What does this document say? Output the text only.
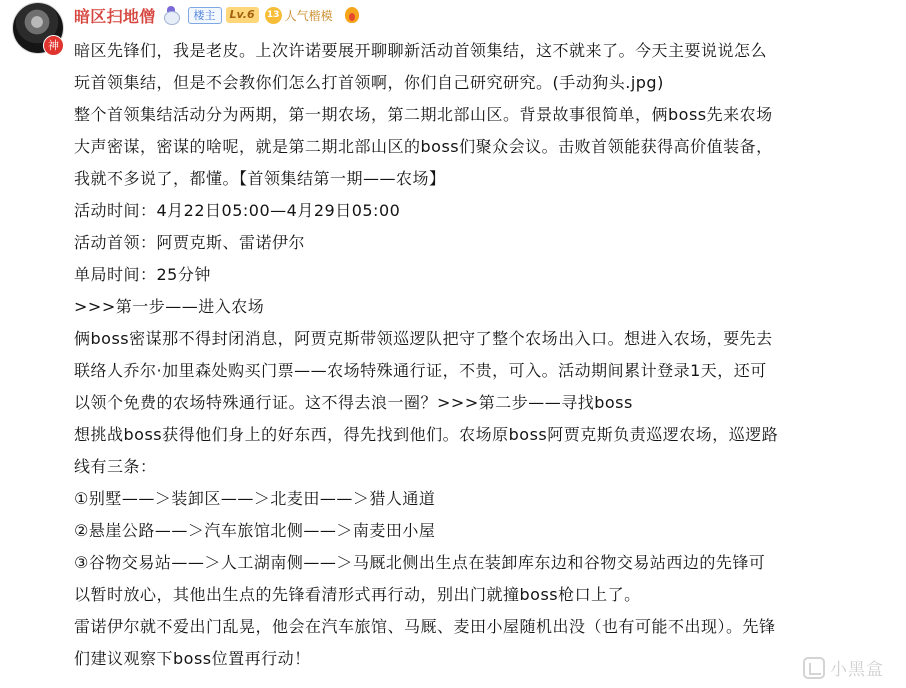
神
暗区扫地僧	楼主	Lv.6	13 人气楷模

暗区先锋们，我是老皮。上次许诺要展开聊聊新活动首领集结，这不就来了。今天主要说说怎么

玩首领集结，但是不会教你们怎么打首领啊，你们自己研究研究。(手动狗头.jpg)

整个首领集结活动分为两期，第一期农场，第二期北部山区。背景故事很简单，俩boss先来农场

大声密谋，密谋的啥呢，就是第二期北部山区的boss们聚众会议。击败首领能获得高价值装备，

我就不多说了，都懂。【首领集结第一期——农场】

活动时间：4月22日05:00—4月29日05:00

活动首领：阿贾克斯、雷诺伊尔

单局时间：25分钟

>>>第一步——进入农场

俩boss密谋那不得封闭消息，阿贾克斯带领巡逻队把守了整个农场出入口。想进入农场，要先去

联络人乔尔·加里森处购买门票——农场特殊通行证，不贵，可入。活动期间累计登录1天，还可

以领个免费的农场特殊通行证。这不得去浪一圈？>>>第二步——寻找boss

想挑战boss获得他们身上的好东西，得先找到他们。农场原boss阿贾克斯负责巡逻农场，巡逻路

线有三条：

①别墅——＞装卸区——＞北麦田——＞猎人通道

②悬崖公路——＞汽车旅馆北侧——＞南麦田小屋

③谷物交易站——＞人工湖南侧——＞马厩北侧出生点在装卸库东边和谷物交易站西边的先锋可

以暂时放心，其他出生点的先锋看清形式再行动，别出门就撞boss枪口上了。

雷诺伊尔就不爱出门乱晃，他会在汽车旅馆、马厩、麦田小屋随机出没（也有可能不出现）。先锋

们建议观察下boss位置再行动！

小黑盒
